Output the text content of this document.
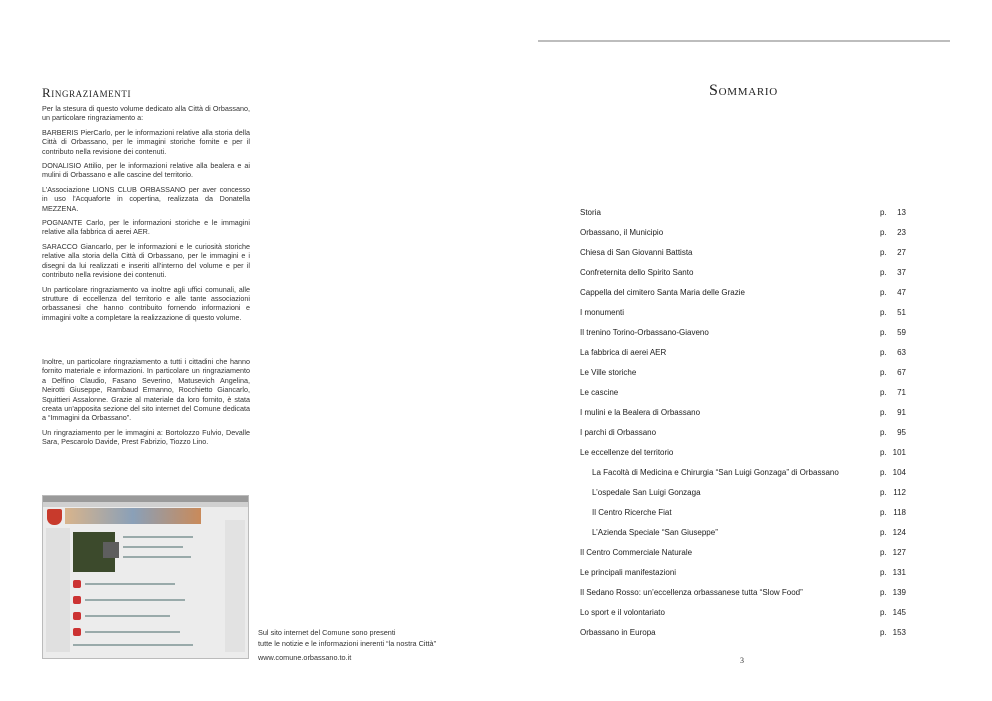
Ringraziamenti

Per la stesura di questo volume dedicato alla Città di Orbassano, un particolare ringraziamento a:

BARBERIS PierCarlo, per le informazioni relative alla storia della Città di Orbassano, per le immagini storiche fornite e per il contributo nella revisione dei contenuti.

DONALISIO Attilio, per le informazioni relative alla bealera e ai mulini di Orbassano e alle cascine del territorio.

L’Associazione LIONS CLUB ORBASSANO per aver concesso in uso l’Acquaforte in copertina, realizzata da Donatella MEZZENA.

POGNANTE Carlo, per le informazioni storiche e le immagini relative alla fabbrica di aerei AER.

SARACCO Giancarlo, per le informazioni e le curiosità storiche relative alla storia della Città di Orbassano, per le immagini e i disegni da lui realizzati e inseriti all’interno del volume e per il contributo nella revisione dei contenuti.

Un particolare ringraziamento va inoltre agli uffici comunali, alle strutture di eccellenza del territorio e alle tante associazioni orbassanesi che hanno contribuito fornendo informazioni e immagini volte a completare la realizzazione di questo volume.

Inoltre, un particolare ringraziamento a tutti i cittadini che hanno fornito materiale e informazioni. In particolare un ringraziamento a Delfino Claudio, Fasano Severino, Matusevich Angelina, Neirotti Giuseppe, Rambaud Ermanno, Rocchietto Giancarlo, Squittieri Assalonne. Grazie al materiale da loro fornito, è stata creata un’apposita sezione del sito internet del Comune dedicata a “Immagini da Orbassano”.

Un ringraziamento per le immagini a: Bortolozzo Fulvio, Devalle Sara, Pescarolo Davide, Prest Fabrizio, Tiozzo Lino.

Sul sito internet del Comune sono presenti
tutte le notizie e le informazioni inerenti “la nostra Città”
www.comune.orbassano.to.it
Sommario
Storia	p. 13
Orbassano, il Municipio	p. 23
Chiesa di San Giovanni Battista	p. 27
Confreternita dello Spirito Santo	p. 37
Cappella del cimitero Santa Maria delle Grazie	p. 47
I monumenti	p. 51
Il trenino Torino-Orbassano-Giaveno	p. 59
La fabbrica di aerei AER	p. 63
Le Ville storiche	p. 67
Le cascine	p. 71
I mulini e la Bealera di Orbassano	p. 91
I parchi di Orbassano	p. 95
Le eccellenze del territorio	p. 101
La Facoltà di Medicina e Chirurgia “San Luigi Gonzaga” di Orbassano	p. 104
L’ospedale San Luigi Gonzaga	p. 112
Il Centro Ricerche Fiat	p. 118
L’Azienda Speciale “San Giuseppe”	p. 124
Il Centro Commerciale Naturale	p. 127
Le principali manifestazioni	p. 131
Il Sedano Rosso: un’eccellenza orbassanese tutta “Slow Food”	p. 139
Lo sport e il volontariato	p. 145
Orbassano in Europa	p. 153
3
